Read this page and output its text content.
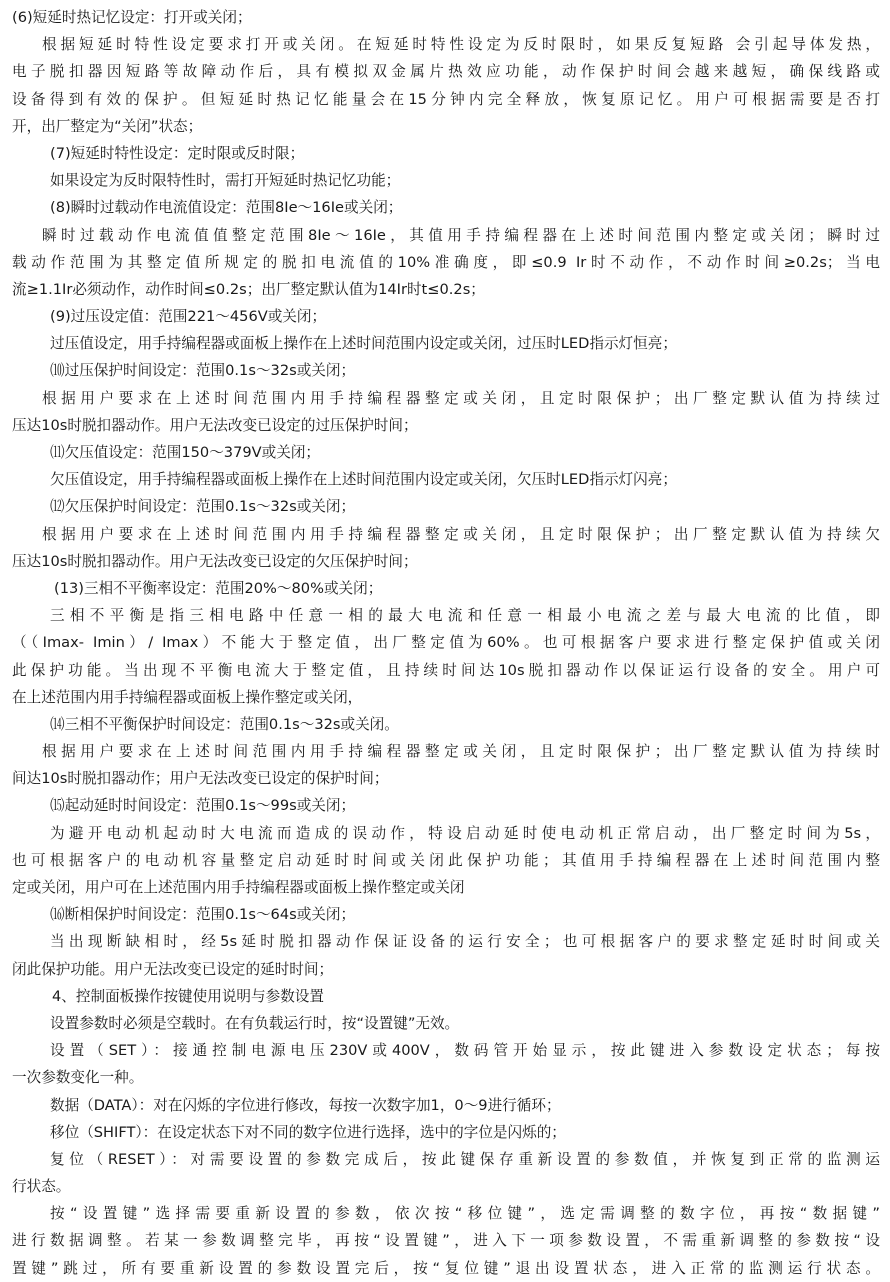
(6)短延时热记忆设定：打开或关闭；
根据短延时特性设定要求打开或关闭。在短延时特性设定为反时限时，如果反复短路 会引起导体发热，
电子脱扣器因短路等故障动作后，具有模拟双金属片热效应功能，动作保护时间会越来越短，确保线路或
设备得到有效的保护。但短延时热记忆能量会在15分钟内完全释放，恢复原记忆。用户可根据需要是否打
开，出厂整定为“关闭”状态；
(7)短延时特性设定：定时限或反时限；
如果设定为反时限特性时，需打开短延时热记忆功能；
(8)瞬时过载动作电流值设定：范围8Ie～16Ie或关闭；
瞬时过载动作电流值值整定范围8Ie～16Ie，其值用手持编程器在上述时间范围内整定或关闭；瞬时过
载动作范围为其整定值所规定的脱扣电流值的10%准确度，即≤0.9 Ir时不动作，不动作时间≥0.2s；当电
流≥1.1Ir必须动作，动作时间≤0.2s；出厂整定默认值为14Ir时t≤0.2s；
(9)过压设定值：范围221～456V或关闭；
过压值设定，用手持编程器或面板上操作在上述时间范围内设定或关闭，过压时LED指示灯恒亮；
⑽过压保护时间设定：范围0.1s～32s或关闭；
根据用户要求在上述时间范围内用手持编程器整定或关闭，且定时限保护；出厂整定默认值为持续过
压达10s时脱扣器动作。用户无法改变已设定的过压保护时间；
⑾欠压值设定：范围150～379V或关闭；
欠压值设定，用手持编程器或面板上操作在上述时间范围内设定或关闭，欠压时LED指示灯闪亮；
⑿欠压保护时间设定：范围0.1s～32s或关闭；
根据用户要求在上述时间范围内用手持编程器整定或关闭，且定时限保护；出厂整定默认值为持续欠
压达10s时脱扣器动作。用户无法改变已设定的欠压保护时间；
(13)三相不平衡率设定：范围20%～80%或关闭；
三相不平衡是指三相电路中任意一相的最大电流和任意一相最小电流之差与最大电流的比值，即
（（Imax- Imin）/ Imax）不能大于整定值，出厂整定值为60%。也可根据客户要求进行整定保护值或关闭
此保护功能。当出现不平衡电流大于整定值，且持续时间达10s脱扣器动作以保证运行设备的安全。用户可
在上述范围内用手持编程器或面板上操作整定或关闭，
⒁三相不平衡保护时间设定：范围0.1s～32s或关闭。
根据用户要求在上述时间范围内用手持编程器整定或关闭，且定时限保护；出厂整定默认值为持续时
间达10s时脱扣器动作；用户无法改变已设定的保护时间；
⒂起动延时时间设定：范围0.1s～99s或关闭；
为避开电动机起动时大电流而造成的误动作，特设启动延时使电动机正常启动，出厂整定时间为5s，
也可根据客户的电动机容量整定启动延时时间或关闭此保护功能；其值用手持编程器在上述时间范围内整
定或关闭，用户可在上述范围内用手持编程器或面板上操作整定或关闭
⒃断相保护时间设定：范围0.1s～64s或关闭；
当出现断缺相时，经5s延时脱扣器动作保证设备的运行安全；也可根据客户的要求整定延时时间或关
闭此保护功能。用户无法改变已设定的延时时间；
4、控制面板操作按键使用说明与参数设置
设置参数时必须是空载时。在有负载运行时，按“设置键”无效。
设置（SET）：接通控制电源电压230V或400V，数码管开始显示，按此键进入参数设定状态；每按
一次参数变化一种。
数据（DATA）：对在闪烁的字位进行修改，每按一次数字加1，0～9进行循环；
移位（SHIFT）：在设定状态下对不同的数字位进行选择，选中的字位是闪烁的；
复位（RESET）：对需要设置的参数完成后，按此键保存重新设置的参数值，并恢复到正常的监测运
行状态。
按“设置键”选择需要重新设置的参数，依次按“移位键”，选定需调整的数字位，再按“数据键”
进行数据调整。若某一参数调整完毕，再按“设置键”，进入下一项参数设置，不需重新调整的参数按“设
置键”跳过，所有要重新设置的参数设置完后，按“复位键”退出设置状态，进入正常的监测运行状态。
